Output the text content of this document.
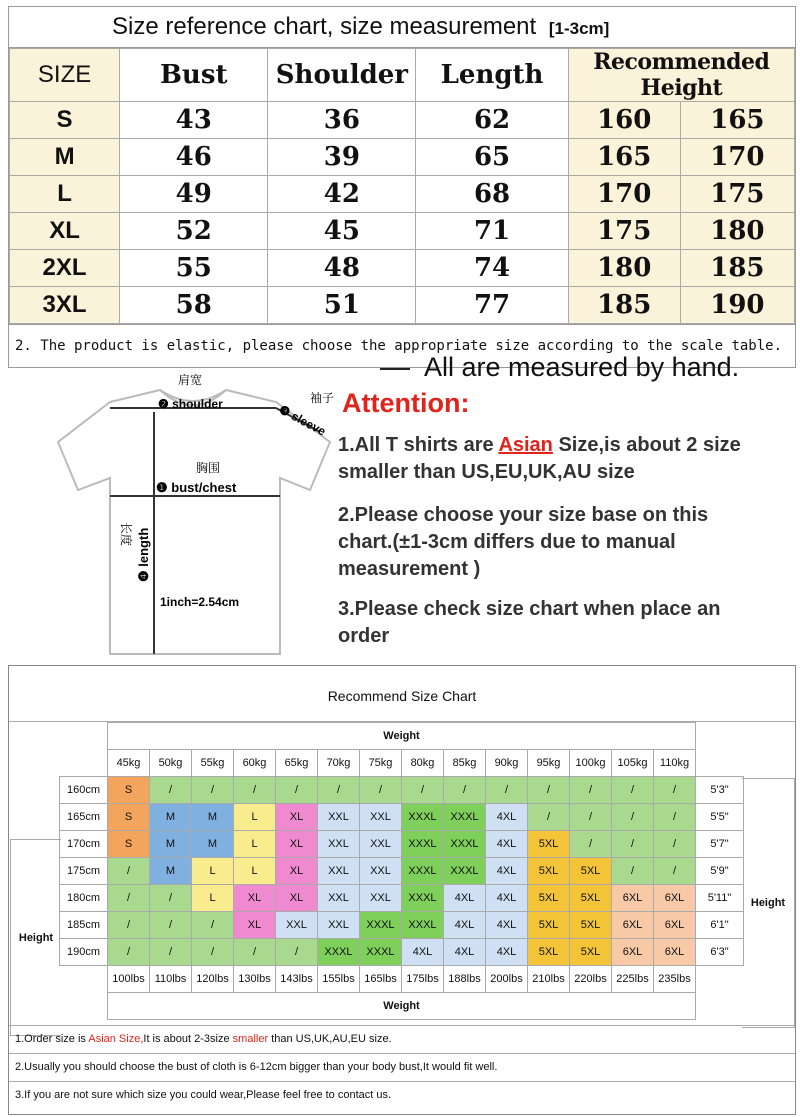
Size reference chart, size measurement [1-3cm]
SIZE	Bust	Shoulder	Length	Recommended Height	
S	43	36	62	160	165
M	46	39	65	165	170
L	49	42	68	170	175
XL	52	45	71	175	180
2XL	55	48	74	180	185
3XL	58	51	77	185	190
2. The product is elastic, please choose the appropriate size according to the scale table.
All are measured by hand.
肩宽
❷ shoulder	袖子
❸ sleeve
胸围
❶ bust/chest
长度 ❹ length
1inch=2.54cm
Attention:
1.All T shirts are Asian Size,is about 2 size smaller than US,EU,UK,AU size
2.Please choose your size base on this chart.(±1-3cm differs due to manual measurement )
3.Please check size chart when place an order
Recommend Size Chart
Height
Height
	Weight														
	45kg	50kg	55kg	60kg	65kg	70kg	75kg	80kg	85kg	90kg	95kg	100kg	105kg	110kg	
160cm	S	/	/	/	/	/	/	/	/	/	/	/	/	/	5'3"
165cm	S	M	M	L	XL	XXL	XXL	XXXL	XXXL	4XL	/	/	/	/	5'5"
170cm	S	M	M	L	XL	XXL	XXL	XXXL	XXXL	4XL	5XL	/	/	/	5'7"
175cm	/	M	L	L	XL	XXL	XXL	XXXL	XXXL	4XL	5XL	5XL	/	/	5'9"
180cm	/	/	L	XL	XL	XXL	XXL	XXXL	4XL	4XL	5XL	5XL	6XL	6XL	5'11"
185cm	/	/	/	XL	XXL	XXL	XXXL	XXXL	4XL	4XL	5XL	5XL	6XL	6XL	6'1"
190cm	/	/	/	/	/	XXXL	XXXL	4XL	4XL	4XL	5XL	5XL	6XL	6XL	6'3"
	100lbs	110lbs	120lbs	130lbs	143lbs	155lbs	165lbs	175lbs	188lbs	200lbs	210lbs	220lbs	225lbs	235lbs	
	Weight														
1.Order size is Asian Size,It is about 2-3size smaller than US,UK,AU,EU size.
2.Usually you should choose the bust of cloth is 6-12cm bigger than your body bust,It would fit well.
3.If you are not sure which size you could wear,Please feel free to contact us.
